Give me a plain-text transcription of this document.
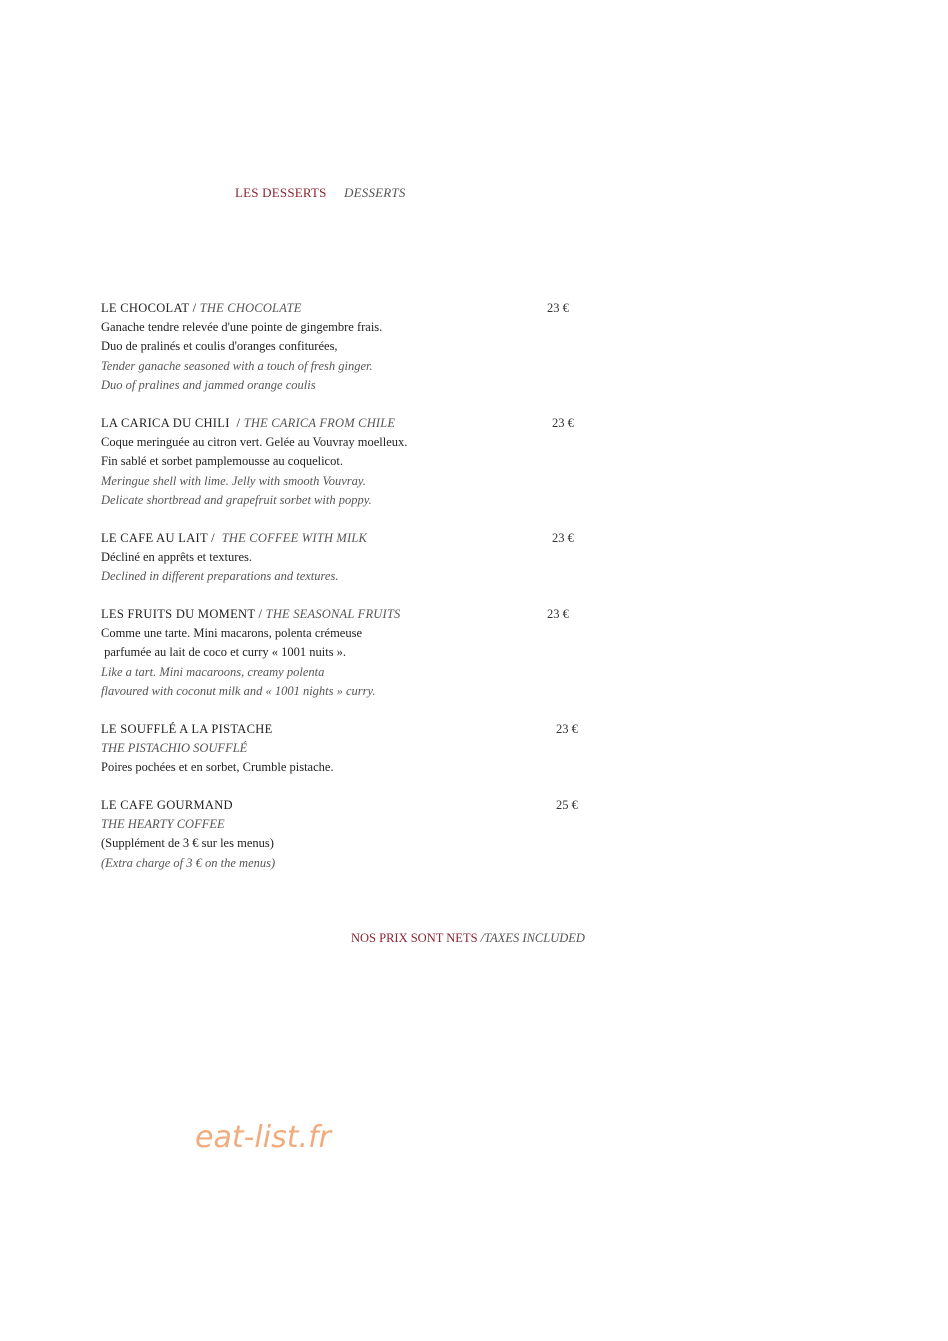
LES DESSERTS DESSERTS
LE CHOCOLAT / THE CHOCOLATE	23 €
Ganache tendre relevée d'une pointe de gingembre frais.
Duo de pralinés et coulis d'oranges confiturées,
Tender ganache seasoned with a touch of fresh ginger.
Duo of pralines and jammed orange coulis
LA CARICA DU CHILI  / THE CARICA FROM CHILE	23 €
Coque meringuée au citron vert. Gelée au Vouvray moelleux.
Fin sablé et sorbet pamplemousse au coquelicot.
Meringue shell with lime. Jelly with smooth Vouvray.
Delicate shortbread and grapefruit sorbet with poppy.
LE CAFE AU LAIT /  THE COFFEE WITH MILK	23 €
Décliné en apprêts et textures.
Declined in different preparations and textures.
LES FRUITS DU MOMENT / THE SEASONAL FRUITS	23 €
Comme une tarte. Mini macarons, polenta crémeuse
parfumée au lait de coco et curry « 1001 nuits ».
Like a tart. Mini macaroons, creamy polenta
flavoured with coconut milk and « 1001 nights » curry.
LE SOUFFLÉ A LA PISTACHE	23 €
THE PISTACHIO SOUFFLÉ
Poires pochées et en sorbet, Crumble pistache.
LE CAFE GOURMAND	25 €
THE HEARTY COFFEE
(Supplément de 3 € sur les menus)
(Extra charge of 3 € on the menus)
NOS PRIX SONT NETS /TAXES INCLUDED
eat-list.fr
